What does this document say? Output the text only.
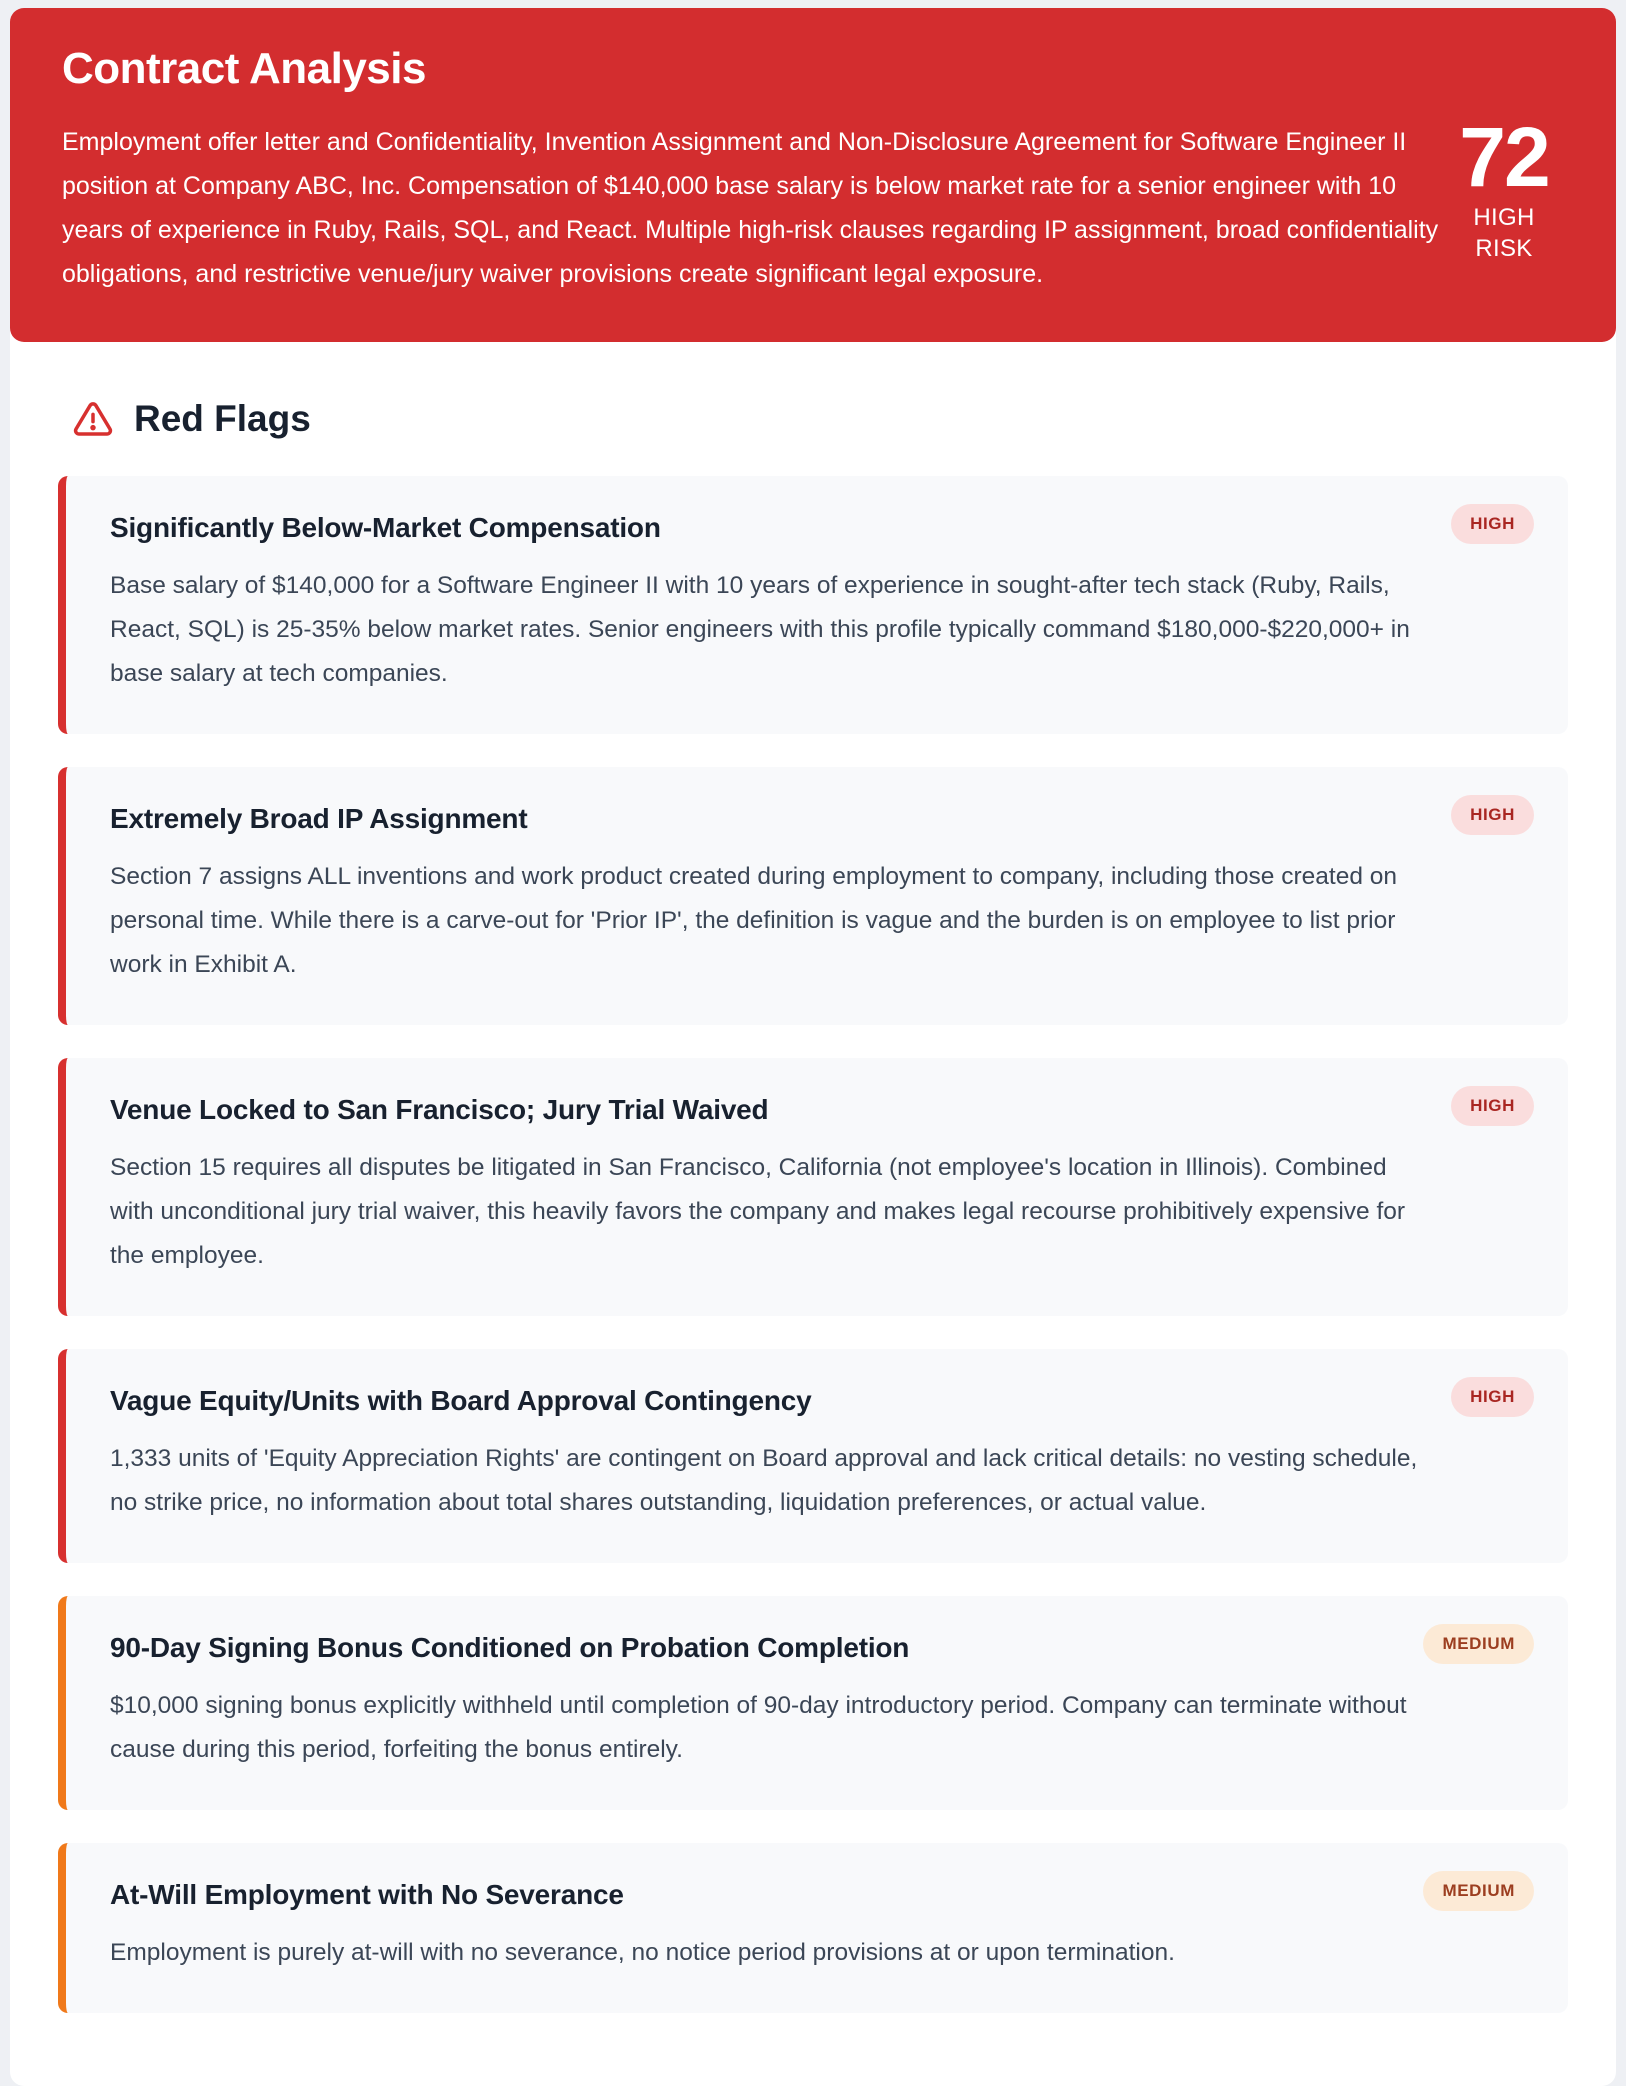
Contract Analysis

Employment offer letter and Confidentiality, Invention Assignment and Non-Disclosure Agreement for Software Engineer II position at Company ABC, Inc. Compensation of $140,000 base salary is below market rate for a senior engineer with 10 years of experience in Ruby, Rails, SQL, and React. Multiple high-risk clauses regarding IP assignment, broad confidentiality obligations, and restrictive venue/jury waiver provisions create significant legal exposure.

72
HIGH RISK
Red Flags
Significantly Below-Market Compensation	HIGH

Base salary of $140,000 for a Software Engineer II with 10 years of experience in sought-after tech stack (Ruby, Rails, React, SQL) is 25-35% below market rates. Senior engineers with this profile typically command $180,000-$220,000+ in base salary at tech companies.

Extremely Broad IP Assignment	HIGH

Section 7 assigns ALL inventions and work product created during employment to company, including those created on personal time. While there is a carve-out for 'Prior IP', the definition is vague and the burden is on employee to list prior work in Exhibit A.

Venue Locked to San Francisco; Jury Trial Waived	HIGH

Section 15 requires all disputes be litigated in San Francisco, California (not employee's location in Illinois). Combined with unconditional jury trial waiver, this heavily favors the company and makes legal recourse prohibitively expensive for the employee.

Vague Equity/Units with Board Approval Contingency	HIGH

1,333 units of 'Equity Appreciation Rights' are contingent on Board approval and lack critical details: no vesting schedule, no strike price, no information about total shares outstanding, liquidation preferences, or actual value.

90-Day Signing Bonus Conditioned on Probation Completion	MEDIUM

$10,000 signing bonus explicitly withheld until completion of 90-day introductory period. Company can terminate without cause during this period, forfeiting the bonus entirely.

At-Will Employment with No Severance	MEDIUM

Employment is purely at-will with no severance, no notice period provisions at or upon termination.
